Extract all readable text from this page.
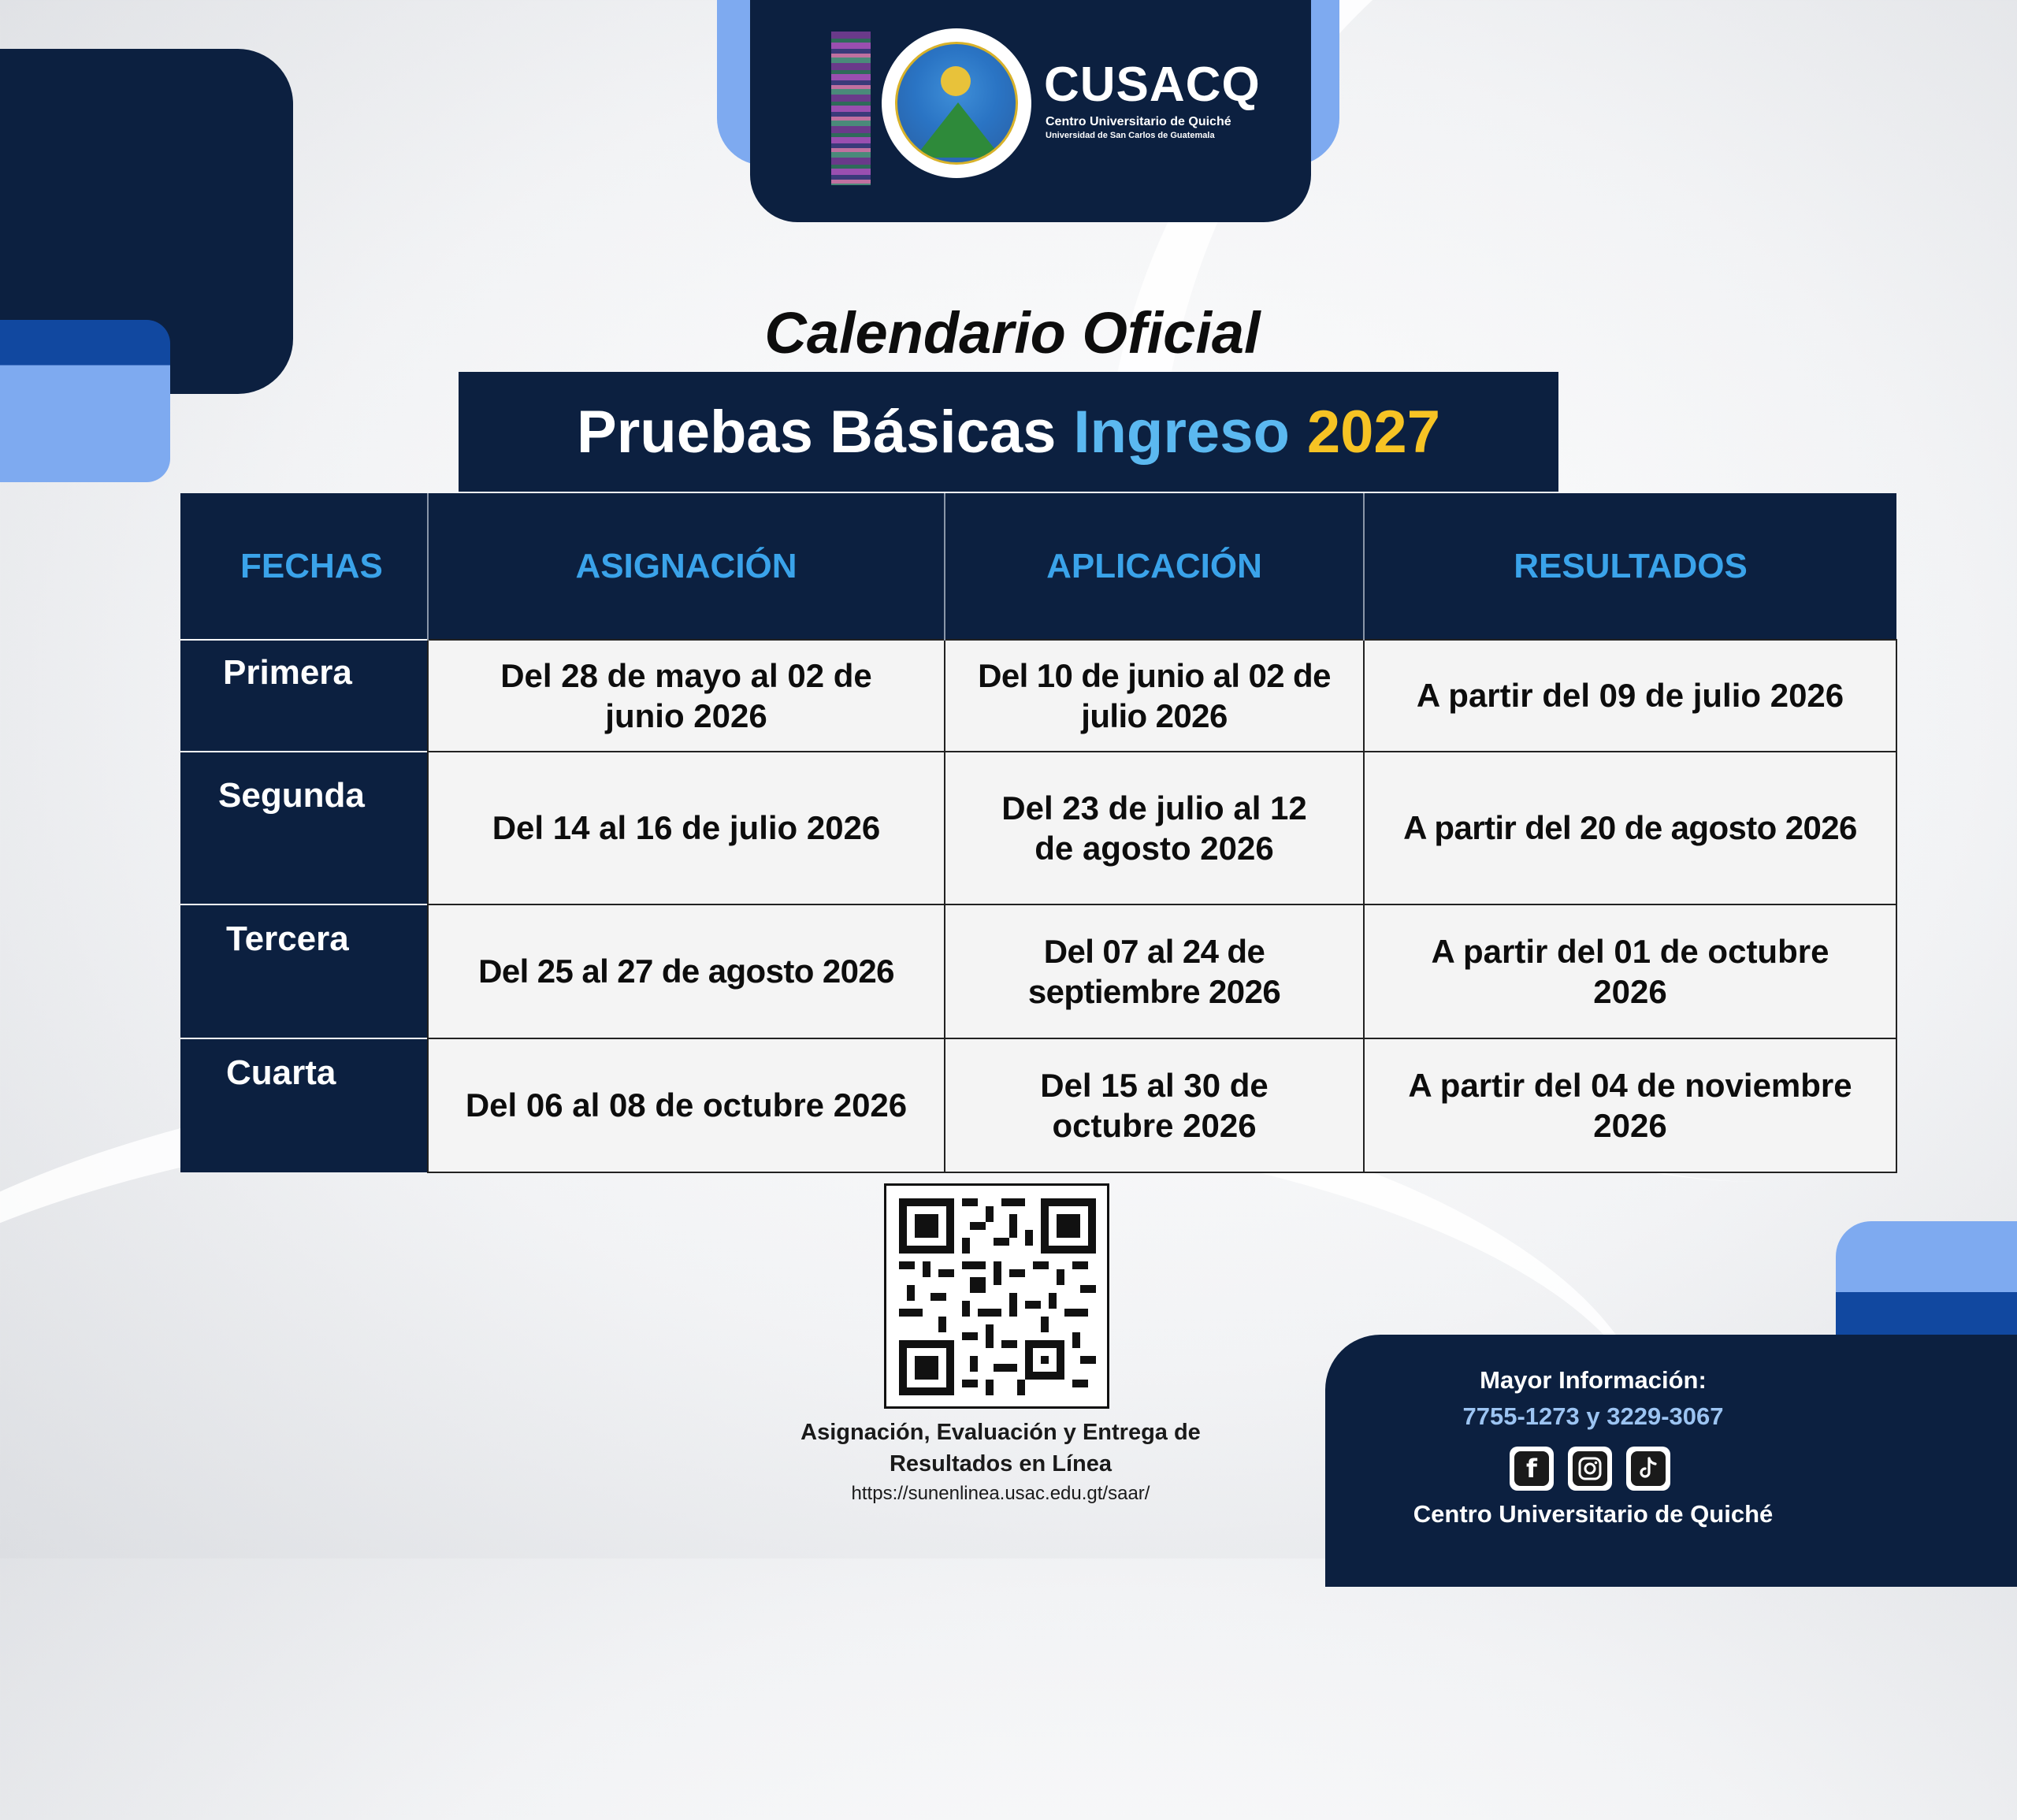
CUSACQ
Centro Universitario de Quiché
Universidad de San Carlos de Guatemala
Calendario Oficial
Pruebas Básicas Ingreso 2027
FECHAS	ASIGNACIÓN	APLICACIÓN	RESULTADOS
Primera	Del 28 de mayo al 02 de junio 2026	Del 10 de junio al 02 de julio 2026	A partir del 09 de julio 2026
Segunda	Del 14 al 16 de julio 2026	Del 23 de julio al 12 de agosto 2026	A partir del 20 de agosto 2026
Tercera	Del 25 al 27 de agosto 2026	Del 07 al 24 de septiembre 2026	A partir del 01 de octubre 2026
Cuarta	Del 06 al 08 de octubre 2026	Del 15 al 30 de octubre 2026	A partir del 04 de noviembre 2026
Asignación, Evaluación y Entrega de
Resultados en Línea
https://sunenlinea.usac.edu.gt/saar/
Mayor Información:
7755-1273 y 3229-3067
f
Centro Universitario de Quiché
